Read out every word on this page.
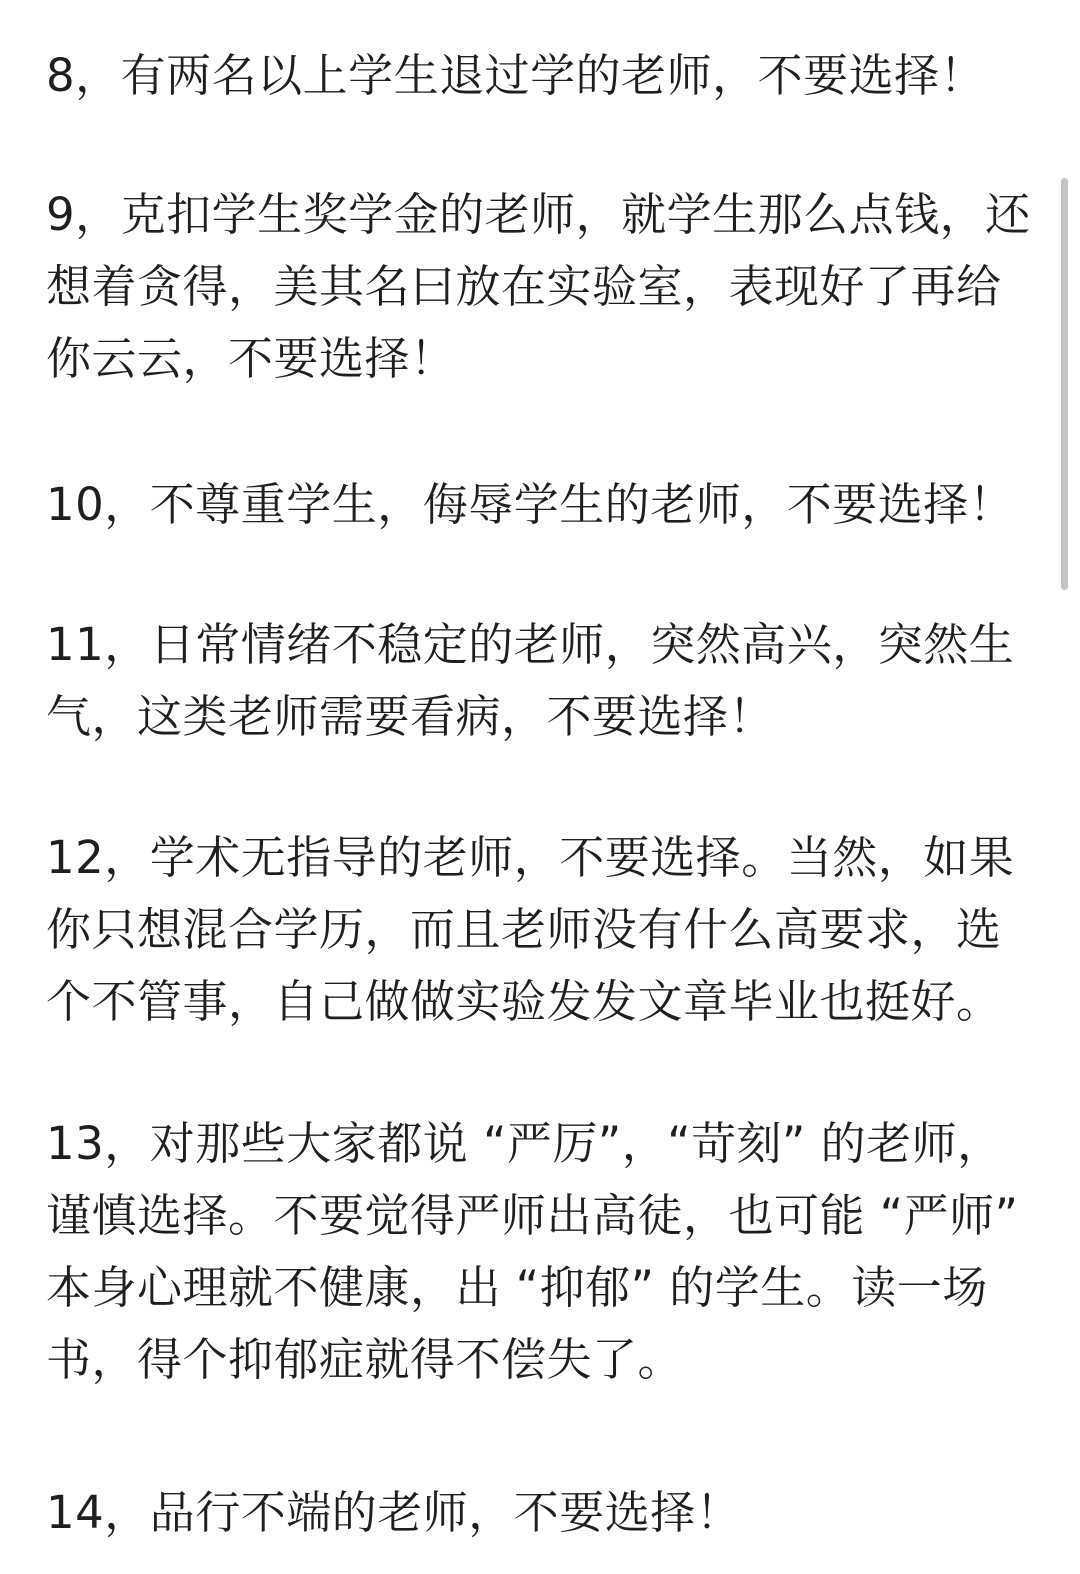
8，有两名以上学生退过学的老师，不要选择！

9，克扣学生奖学金的老师，就学生那么点钱，还想着贪得，美其名曰放在实验室，表现好了再给你云云，不要选择！

10，不尊重学生，侮辱学生的老师，不要选择！

11，日常情绪不稳定的老师，突然高兴，突然生气，这类老师需要看病，不要选择！

12，学术无指导的老师，不要选择。当然，如果你只想混合学历，而且老师没有什么高要求，选个不管事，自己做做实验发发文章毕业也挺好。

13，对那些大家都说 “严厉”，“苛刻” 的老师，谨慎选择。不要觉得严师出高徒，也可能 “严师” 本身心理就不健康，出 “抑郁” 的学生。读一场书，得个抑郁症就得不偿失了。

14，品行不端的老师，不要选择！
